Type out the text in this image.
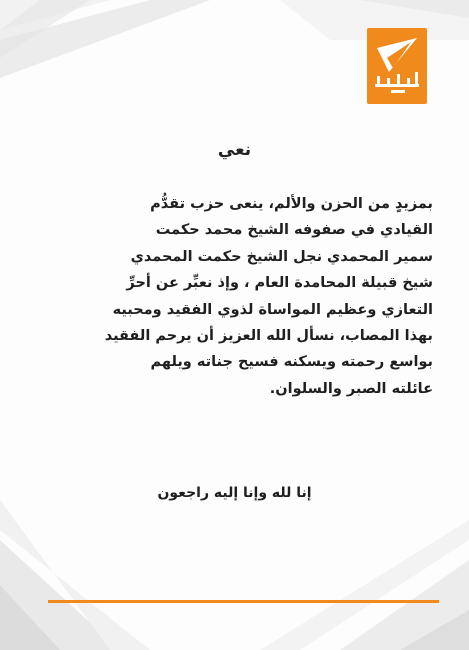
نعي
بمزيدٍ من الحزن والألم، ينعى حزب تقدُّم
القيادي في صفوفه الشيخ محمد حكمت
سمير المحمدي نجل الشيخ حكمت المحمدي
شيخ قبيلة المحامدة العام ، وإذ نعبِّر عن أحرِّ
التعازي وعظيم المواساة لذوي الفقيد ومحبيه
بهذا المصاب، نسأل الله العزيز أن يرحم الفقيد
بواسع رحمته ويسكنه فسيح جناته ويلهم
عائلته الصبر والسلوان.
إنا لله وإنا إليه راجعون
